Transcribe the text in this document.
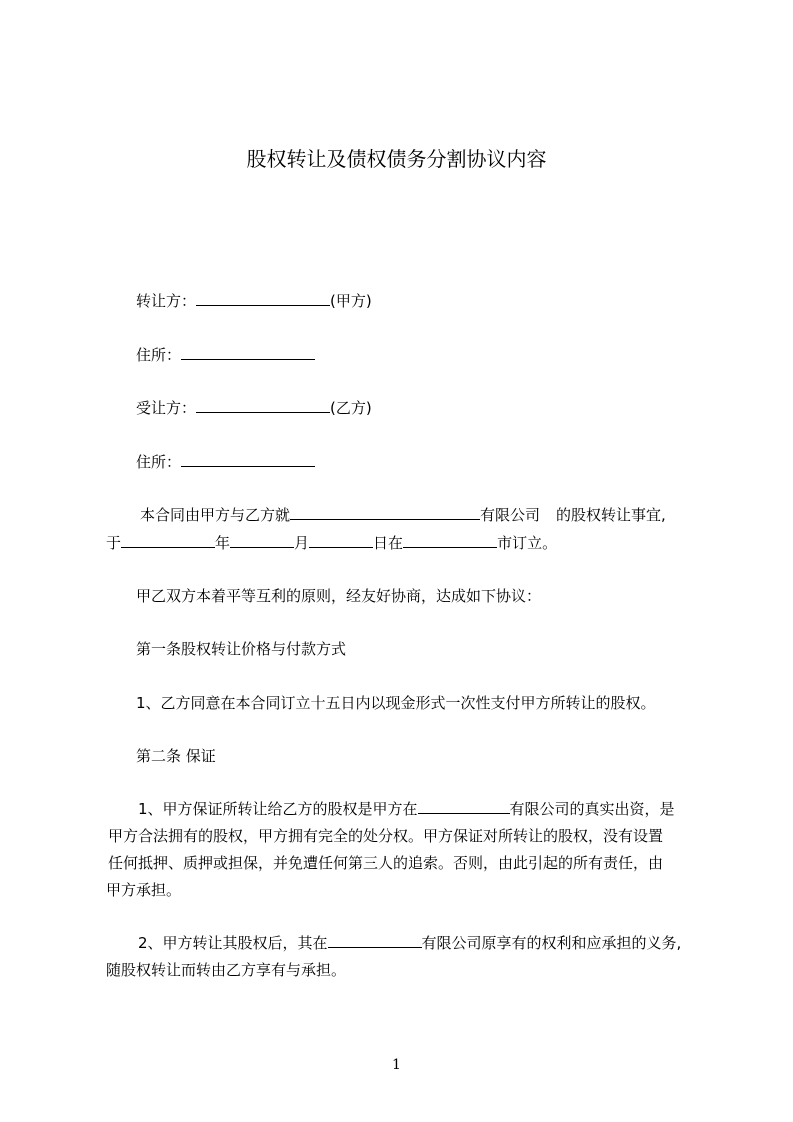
股权转让及债权债务分割协议内容
转让方：	(甲方)
住所：
受让方：	(乙方)
住所：
本合同由甲方与乙方就	有限公司 的股权转让事宜,
于	年	月	日在	市订立。
甲乙双方本着平等互利的原则，经友好协商，达成如下协议：
第一条股权转让价格与付款方式
1、乙方同意在本合同订立十五日内以现金形式一次性支付甲方所转让的股权。
第二条 保证
1、甲方保证所转让给乙方的股权是甲方在	有限公司的真实出资，是
甲方合法拥有的股权，甲方拥有完全的处分权。甲方保证对所转让的股权，没有设置
任何抵押、质押或担保，并免遭任何第三人的追索。否则，由此引起的所有责任，由
甲方承担。
2、甲方转让其股权后，其在	有限公司原享有的权利和应承担的义务,
随股权转让而转由乙方享有与承担。
1
